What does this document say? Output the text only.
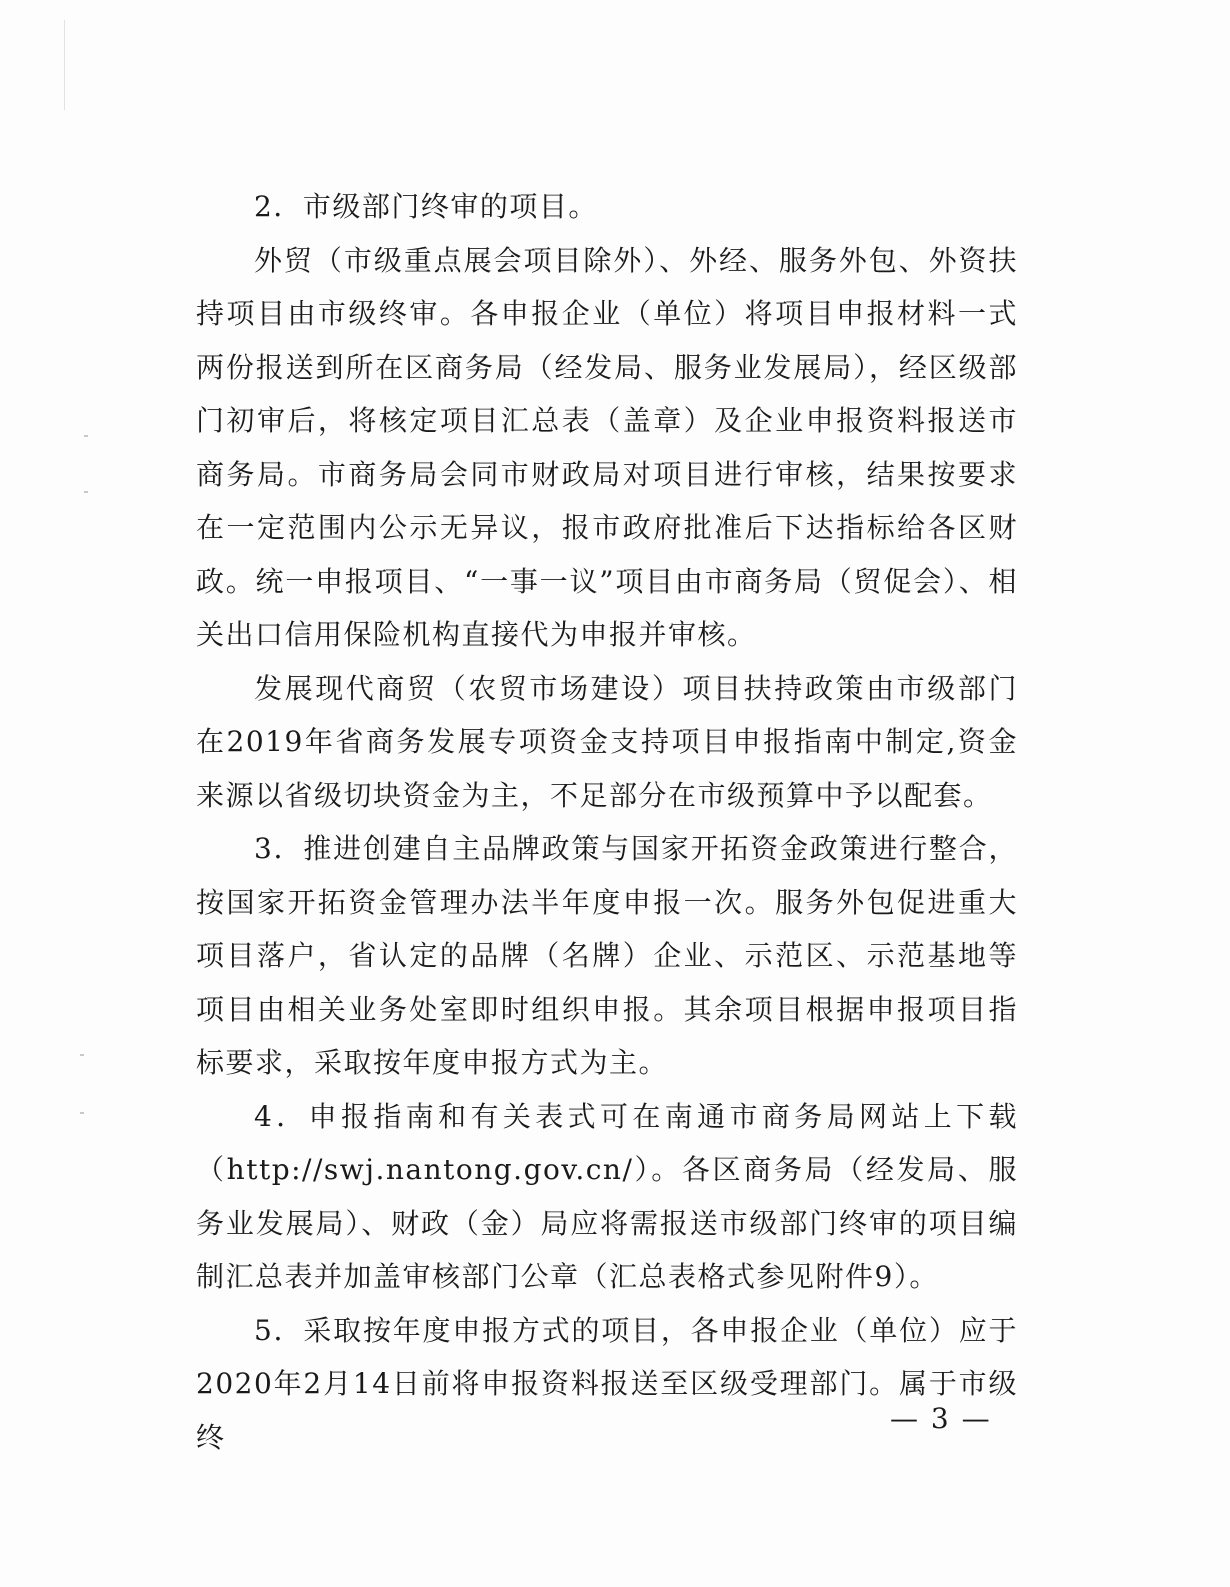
2．市级部门终审的项目。

外贸（市级重点展会项目除外）、外经、服务外包、外资扶持项目由市级终审。各申报企业（单位）将项目申报材料一式两份报送到所在区商务局（经发局、服务业发展局），经区级部门初审后，将核定项目汇总表（盖章）及企业申报资料报送市商务局。市商务局会同市财政局对项目进行审核，结果按要求在一定范围内公示无异议，报市政府批准后下达指标给各区财政。统一申报项目、“一事一议”项目由市商务局（贸促会）、相关出口信用保险机构直接代为申报并审核。

发展现代商贸（农贸市场建设）项目扶持政策由市级部门在2019年省商务发展专项资金支持项目申报指南中制定,资金来源以省级切块资金为主，不足部分在市级预算中予以配套。

3．推进创建自主品牌政策与国家开拓资金政策进行整合，按国家开拓资金管理办法半年度申报一次。服务外包促进重大项目落户，省认定的品牌（名牌）企业、示范区、示范基地等项目由相关业务处室即时组织申报。其余项目根据申报项目指标要求，采取按年度申报方式为主。

4．申报指南和有关表式可在南通市商务局网站上下载（http://swj.nantong.gov.cn/）。各区商务局（经发局、服务业发展局）、财政（金）局应将需报送市级部门终审的项目编制汇总表并加盖审核部门公章（汇总表格式参见附件9）。

5．采取按年度申报方式的项目，各申报企业（单位）应于2020年2月14日前将申报资料报送至区级受理部门。属于市级终

— 3 —
